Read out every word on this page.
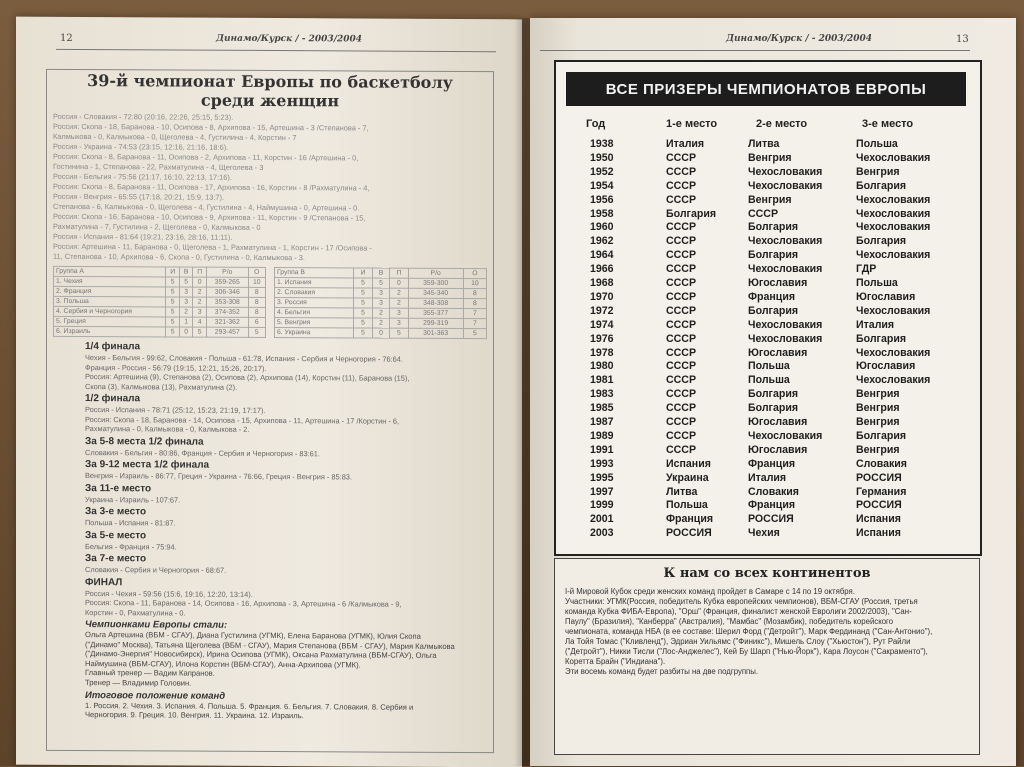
12	Динамо/Курск / - 2003/2004
39-й чемпионат Европы по баскетболу
среди женщин
Россия - Словакия - 72:80 (20:16, 22:26, 25:15, 5:23).
Россия: Скопа - 18, Баранова - 10, Осипова - 8, Архипова - 15, Артешина - 3 /Степанова - 7,
Калмыкова - 0, Калмыкова - 0, Щеголева - 4, Густилина - 4, Корстин - 7
Россия - Украина - 74:53 (23:15, 12:16, 21:16, 18:6).
Россия: Скопа - 8, Баранова - 11, Осипова - 2, Архипова - 11, Корстин - 16 /Артешина - 0,
Гостинина - 1, Степанова - 22, Рахматулина - 4, Щеголева - 3
Россия - Бельгия - 75:56 (21:17, 16:10, 22:13, 17:16).
Россия: Скопа - 8, Баранова - 11, Осипова - 17, Архипова - 16, Корстин - 8 /Рахматулина - 4,
Россия - Венгрия - 65:55 (17:18, 20:21, 15:9, 13:7).
Степанова - 6, Калмыкова - 0, Щеголева - 4, Густилина - 4, Наймушина - 0, Артешина - 0.
Россия: Скопа - 16, Баранова - 10, Осипова - 9, Архипова - 11, Корстин - 9 /Степанова - 15,
Рахматулина - 7, Густилина - 2, Щеголева - 0, Калмыкова - 0
Россия - Испания - 81:64 (19:21, 23:16, 28:16, 11:11).
Россия: Артешина - 11, Баранова - 0, Щеголева - 1, Рахматулина - 1, Корстин - 17 /Осипова -
11, Степанова - 10, Архипова - 6, Скопа - 0, Густилина - 0, Калмыкова - 3.
Группа А	И	В	П	Р/о	О
1. Чехия	5	5	0	359-265	10
2. Франция	5	3	2	306-346	8
3. Польша	5	3	2	353-308	8
4. Сербия и Черногория	5	2	3	374-352	8
5. Греция	5	1	4	321-362	6
6. Израиль	5	0	5	293-457	5
Группа В	И	В	П	Р/о	О
1. Испания	5	5	0	359-300	10
2. Словакия	5	3	2	345-340	8
3. Россия	5	3	2	348-308	8
4. Бельгия	5	2	3	355-377	7
5. Венгрия	5	2	3	299-319	7
6. Украина	5	0	5	301-363	5
1/4 финала
Чехия - Бельгия - 99:62, Словакия - Польша - 61:78, Испания - Сербия и Черногория - 76:64.
Франция - Россия - 56:79 (19:15, 12:21, 15:26, 20:17).
Россия: Артешина (9), Степанова (2), Осипова (2), Архипова (14), Корстин (11), Баранова (15),
Скопа (3), Калмыкова (13), Рахматулина (2).
1/2 финала
Россия - Испания - 78:71 (25:12, 15:23, 21:19, 17:17).
Россия: Скопа - 18, Баранова - 14, Осипова - 15, Архипова - 11, Артешина - 17 /Корстин - 6,
Рахматулина - 0, Калмыкова - 0, Калмыкова - 2.
За 5-8 места 1/2 финала
Словакия - Бельгия - 80:86, Франция - Сербия и Черногория - 83:61.
За 9-12 места 1/2 финала
Венгрия - Израиль - 86:77, Греция - Украина - 76:66, Греция - Венгрия - 85:83.
За 11-е место
Украина - Израиль - 107:67.
За 3-е место
Польша - Испания - 81:87.
За 5-е место
Бельгия - Франция - 75:94.
За 7-е место
Словакия - Сербия и Черногория - 68:67.
ФИНАЛ
Россия - Чехия - 59:56 (15:6, 19:16, 12:20, 13:14).
Россия: Скопа - 11, Баранова - 14, Осипова - 16, Архипова - 3, Артешина - 6 /Калмыкова - 9,
Корстин - 0, Рахматулина - 0.
Чемпионками Европы стали:
Ольга Артешина (ВБМ - СГАУ), Диана Густилина (УГМК), Елена Баранова (УГМК), Юлия Скопа
("Динамо" Москва), Татьяна Щеголева (ВБМ - СГАУ), Мария Степанова (ВБМ - СГАУ), Мария Калмыкова
("Динамо-Энергия" Новосибирск), Ирина Осипова (УГМК), Оксана Рахматулина (ВБМ-СГАУ), Ольга
Наймушина (ВБМ-СГАУ), Илона Корстин (ВБМ-СГАУ), Анна-Архипова (УГМК).
Главный тренер — Вадим Капранов.
Тренер — Владимир Головин.
Итоговое положение команд
1. Россия. 2. Чехия. 3. Испания. 4. Польша. 5. Франция. 6. Бельгия. 7. Словакия. 8. Сербия и
Черногория. 9. Греция. 10. Венгрия. 11. Украина. 12. Израиль.
Динамо/Курск / - 2003/2004	13
ВСЕ ПРИЗЕРЫ ЧЕМПИОНАТОВ ЕВРОПЫ
Год	1-е место	2-е место	3-е место
1938	Италия	Литва	Польша
1950	СССР	Венгрия	Чехословакия
1952	СССР	Чехословакия	Венгрия
1954	СССР	Чехословакия	Болгария
1956	СССР	Венгрия	Чехословакия
1958	Болгария	СССР	Чехословакия
1960	СССР	Болгария	Чехословакия
1962	СССР	Чехословакия	Болгария
1964	СССР	Болгария	Чехословакия
1966	СССР	Чехословакия	ГДР
1968	СССР	Югославия	Польша
1970	СССР	Франция	Югославия
1972	СССР	Болгария	Чехословакия
1974	СССР	Чехословакия	Италия
1976	СССР	Чехословакия	Болгария
1978	СССР	Югославия	Чехословакия
1980	СССР	Польша	Югославия
1981	СССР	Польша	Чехословакия
1983	СССР	Болгария	Венгрия
1985	СССР	Болгария	Венгрия
1987	СССР	Югославия	Венгрия
1989	СССР	Чехословакия	Болгария
1991	СССР	Югославия	Венгрия
1993	Испания	Франция	Словакия
1995	Украина	Италия	РОССИЯ
1997	Литва	Словакия	Германия
1999	Польша	Франция	РОССИЯ
2001	Франция	РОССИЯ	Испания
2003	РОССИЯ	Чехия	Испания
К нам со всех континентов
I-й Мировой Кубок среди женских команд пройдет в Самаре с 14 по 19 октября.
Участники: УГМК(Россия, победитель Кубка европейских чемпионов), ВБМ-СГАУ (Россия, третья
команда Кубка ФИБА-Европа), "Орш" (Франция, финалист женской Евролиги 2002/2003), "Сан-
Паулу" (Бразилия), "Канберра" (Австралия), "Мамбас" (Мозамбик), победитель корейского
чемпионата, команда НБА (в ее составе: Шерил Форд ("Детройт"), Марк Фердинанд ("Сан-Антонио"),
Ла Тойя Томас ("Кливленд"), Эдриан Уильямс ("Финикс"), Мишель Слоу ("Хьюстон"), Рут Райли
("Детройт"), Никки Тисли ("Лос-Анджелес"), Кей Бу Шарп ("Нью-Йорк"), Кара Лоусон ("Сакраменто"),
Коретта Брайн ("Индиана").
Эти восемь команд будет разбиты на две подгруппы.
